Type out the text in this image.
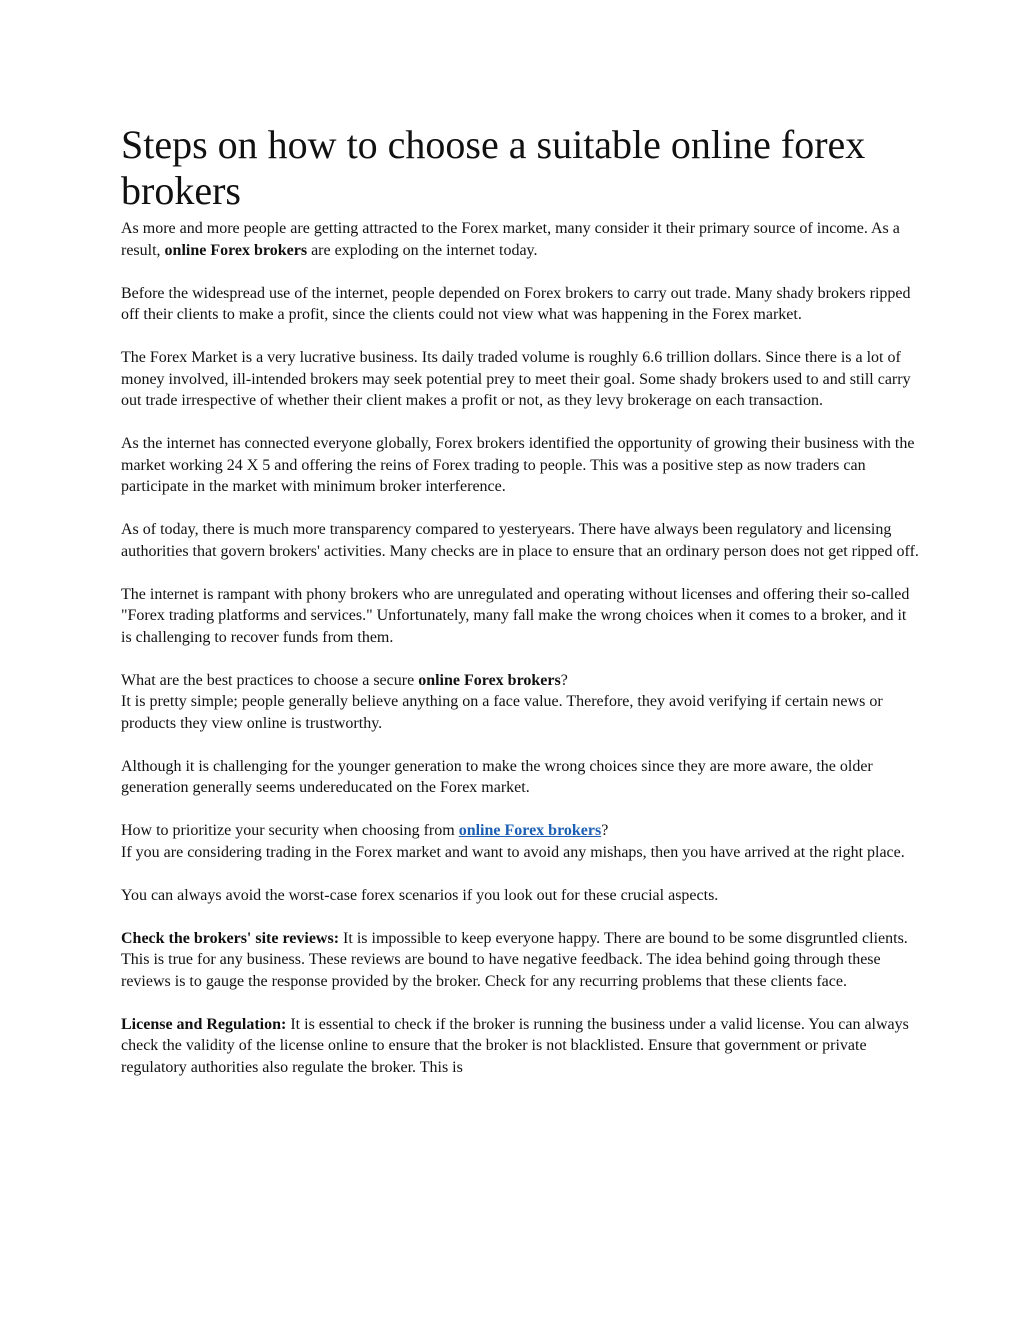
Steps on how to choose a suitable online forex brokers

As more and more people are getting attracted to the Forex market, many consider it their primary source of income. As a result, online Forex brokers are exploding on the internet today.

Before the widespread use of the internet, people depended on Forex brokers to carry out trade. Many shady brokers ripped off their clients to make a profit, since the clients could not view what was happening in the Forex market.

The Forex Market is a very lucrative business. Its daily traded volume is roughly 6.6 trillion dollars. Since there is a lot of money involved, ill-intended brokers may seek potential prey to meet their goal. Some shady brokers used to and still carry out trade irrespective of whether their client makes a profit or not, as they levy brokerage on each transaction.

As the internet has connected everyone globally, Forex brokers identified the opportunity of growing their business with the market working 24 X 5 and offering the reins of Forex trading to people. This was a positive step as now traders can participate in the market with minimum broker interference.

As of today, there is much more transparency compared to yesteryears. There have always been regulatory and licensing authorities that govern brokers' activities. Many checks are in place to ensure that an ordinary person does not get ripped off.

The internet is rampant with phony brokers who are unregulated and operating without licenses and offering their so-called "Forex trading platforms and services." Unfortunately, many fall make the wrong choices when it comes to a broker, and it is challenging to recover funds from them.

What are the best practices to choose a secure online Forex brokers?
It is pretty simple; people generally believe anything on a face value. Therefore, they avoid verifying if certain news or products they view online is trustworthy.

Although it is challenging for the younger generation to make the wrong choices since they are more aware, the older generation generally seems undereducated on the Forex market.

How to prioritize your security when choosing from online Forex brokers?
If you are considering trading in the Forex market and want to avoid any mishaps, then you have arrived at the right place.

You can always avoid the worst-case forex scenarios if you look out for these crucial aspects.

Check the brokers' site reviews: It is impossible to keep everyone happy. There are bound to be some disgruntled clients. This is true for any business. These reviews are bound to have negative feedback. The idea behind going through these reviews is to gauge the response provided by the broker. Check for any recurring problems that these clients face.

License and Regulation: It is essential to check if the broker is running the business under a valid license. You can always check the validity of the license online to ensure that the broker is not blacklisted. Ensure that government or private regulatory authorities also regulate the broker. This is
